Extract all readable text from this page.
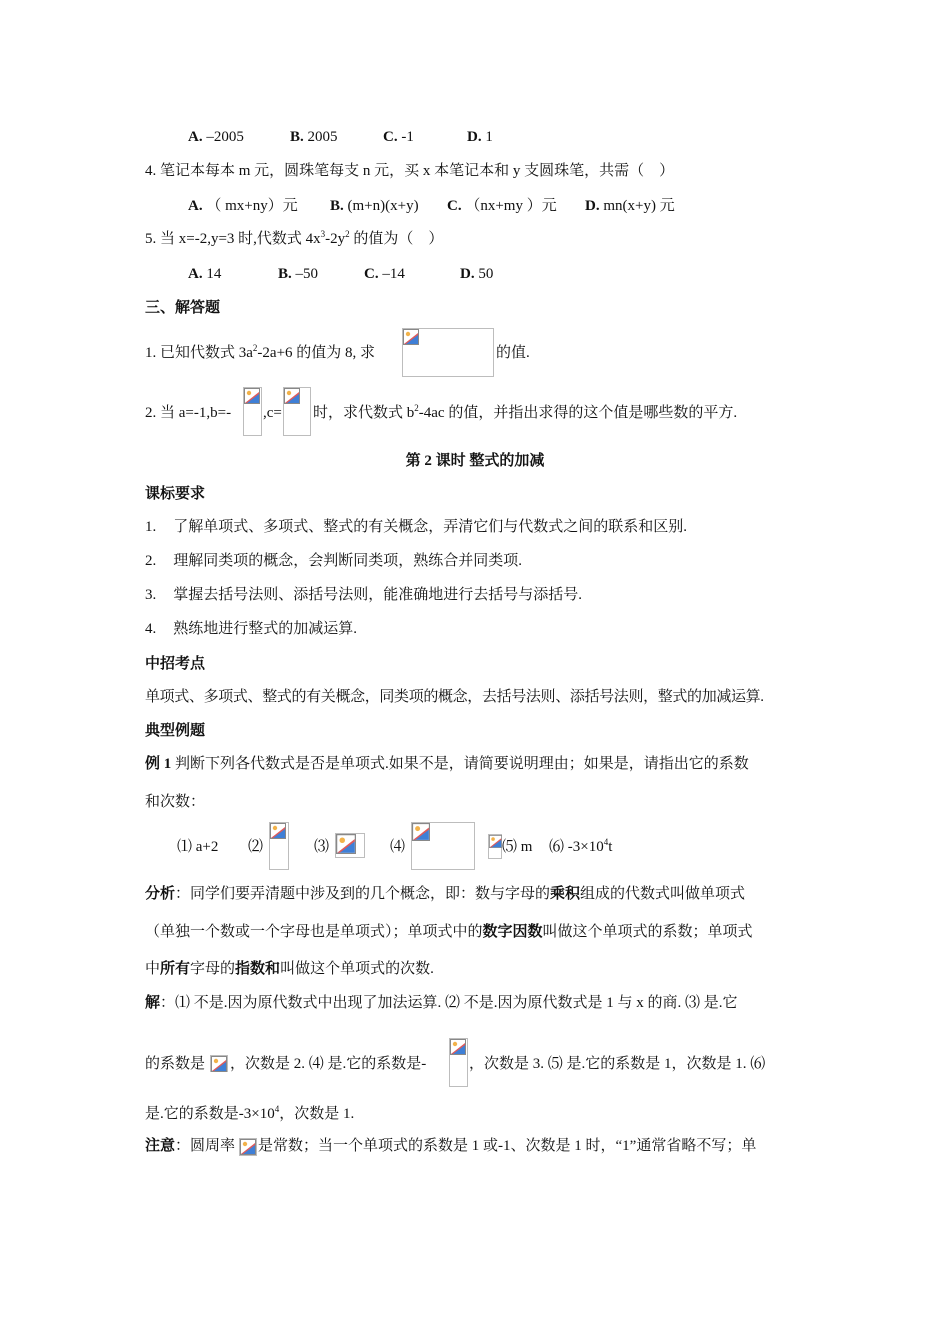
A. –2005	B. 2005	C. -1	D. 1
4. 笔记本每本 m 元，圆珠笔每支 n 元，买 x 本笔记本和 y 支圆珠笔，共需（　）
A. （ mx+ny）元 B. (m+n)(x+y) C. （nx+my ）元 D. mn(x+y) 元
5. 当 x=-2,y=3 时,代数式 $4x^3-2y^2$ 的值为（　）
A. 14	B. –50	C. –14	D. 50
三、解答题
1. 已知代数式 $3a^2-2a+6$ 的值为 8, 求	的值.
2. 当 a=-1,b=- ,c= 时，求代数式 $b^2-4ac$ 的值，并指出求得的这个值是哪些数的平方.
第 2 课时 整式的加减
课标要求
1. 了解单项式、多项式、整式的有关概念，弄清它们与代数式之间的联系和区别.
2. 理解同类项的概念，会判断同类项，熟练合并同类项.
3. 掌握去括号法则、添括号法则，能准确地进行去括号与添括号.
4. 熟练地进行整式的加减运算.
中招考点
单项式、多项式、整式的有关概念，同类项的概念，去括号法则、添括号法则，整式的加减运算.
典型例题
例 1 判断下列各代数式是否是单项式.如果不是，请简要说明理由；如果是，请指出它的系数
和次数：
⑴ a+2 ⑵	⑶	⑷	⑸ m ⑹ $-3\times 10^4t$
分析：同学们要弄清题中涉及到的几个概念，即：数与字母的乘积组成的代数式叫做单项式
（单独一个数或一个字母也是单项式）；单项式中的数字因数叫做这个单项式的系数；单项式
中所有字母的指数和叫做这个单项式的次数.
解：⑴ 不是.因为原代数式中出现了加法运算. ⑵ 不是.因为原代数式是 1 与 x 的商. ⑶ 是.它
的系数是 ，次数是 2. ⑷ 是.它的系数是-	，次数是 3. ⑸ 是.它的系数是 1，次数是 1. ⑹
是.它的系数是$-3\times 10^4$，次数是 1.
注意：圆周率 是常数；当一个单项式的系数是 1 或-1、次数是 1 时，“1”通常省略不写；单
